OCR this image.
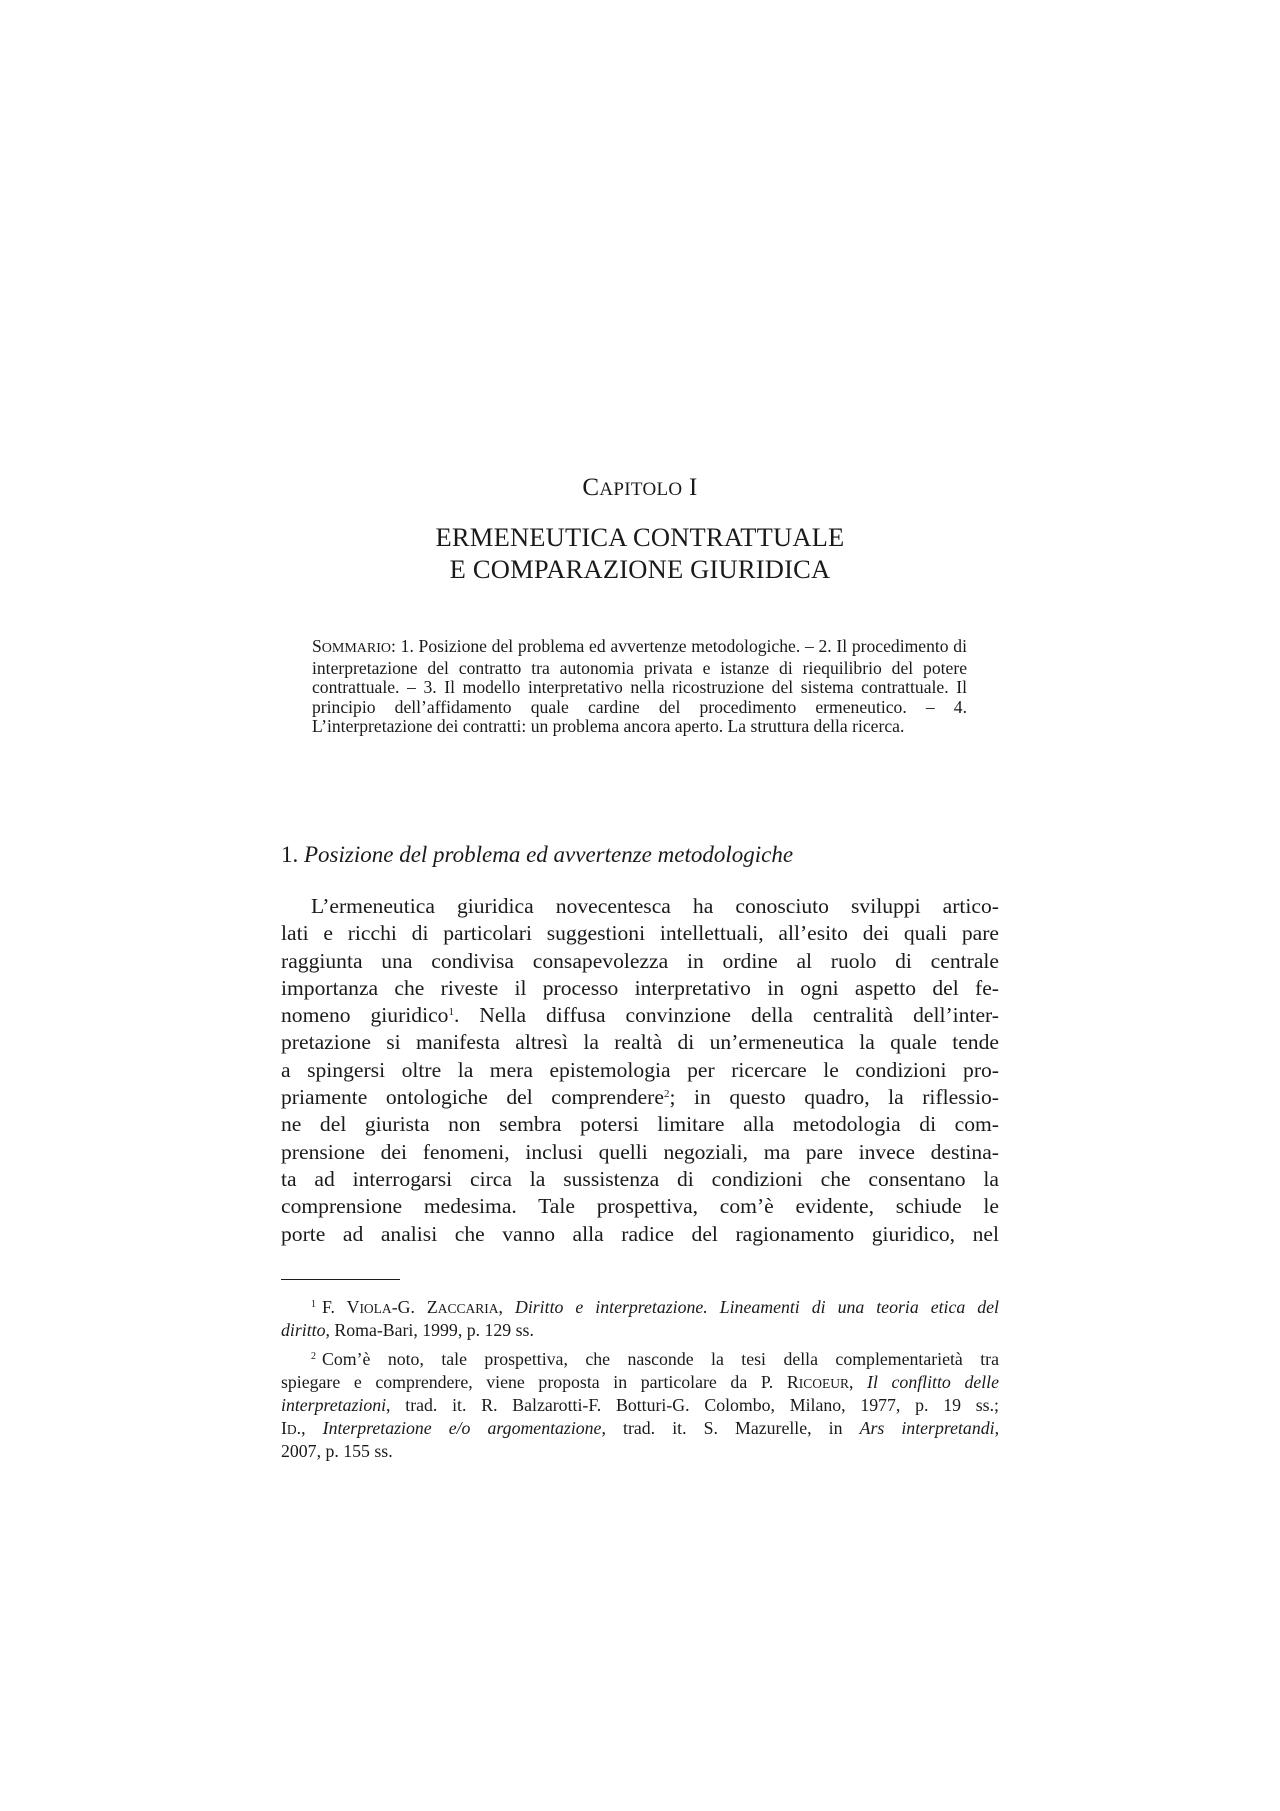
CAPITOLO I
ERMENEUTICA CONTRATTUALE
E COMPARAZIONE GIURIDICA
SOMMARIO: 1. Posizione del problema ed avvertenze metodologiche. – 2. Il procedimento di interpretazione del contratto tra autonomia privata e istanze di riequilibrio del potere contrattuale. – 3. Il modello interpretativo nella ricostruzione del sistema contrattuale. Il principio dell’affidamento quale cardine del procedimento ermeneutico. – 4. L’interpretazione dei contratti: un problema ancora aperto. La struttura della ricerca.
1. Posizione del problema ed avvertenze metodologiche
L’ermeneutica giuridica novecentesca ha conosciuto sviluppi artico-
lati e ricchi di particolari suggestioni intellettuali, all’esito dei quali pare
raggiunta una condivisa consapevolezza in ordine al ruolo di centrale
importanza che riveste il processo interpretativo in ogni aspetto del fe-
nomeno giuridico$^1$. Nella diffusa convinzione della centralità dell’inter-
pretazione si manifesta altresì la realtà di un’ermeneutica la quale tende
a spingersi oltre la mera epistemologia per ricercare le condizioni pro-
priamente ontologiche del comprendere$^2$; in questo quadro, la riflessio-
ne del giurista non sembra potersi limitare alla metodologia di com-
prensione dei fenomeni, inclusi quelli negoziali, ma pare invece destina-
ta ad interrogarsi circa la sussistenza di condizioni che consentano la
comprensione medesima. Tale prospettiva, com’è evidente, schiude le
porte ad analisi che vanno alla radice del ragionamento giuridico, nel
$^1$ F. VIOLA-G. ZACCARIA, Diritto e interpretazione. Lineamenti di una teoria etica del
diritto, Roma-Bari, 1999, p. 129 ss.
$^2$ Com’è noto, tale prospettiva, che nasconde la tesi della complementarietà tra
spiegare e comprendere, viene proposta in particolare da P. RICOEUR, Il conflitto delle
interpretazioni, trad. it. R. Balzarotti-F. Botturi-G. Colombo, Milano, 1977, p. 19 ss.;
ID., Interpretazione e/o argomentazione, trad. it. S. Mazurelle, in Ars interpretandi,
2007, p. 155 ss.
